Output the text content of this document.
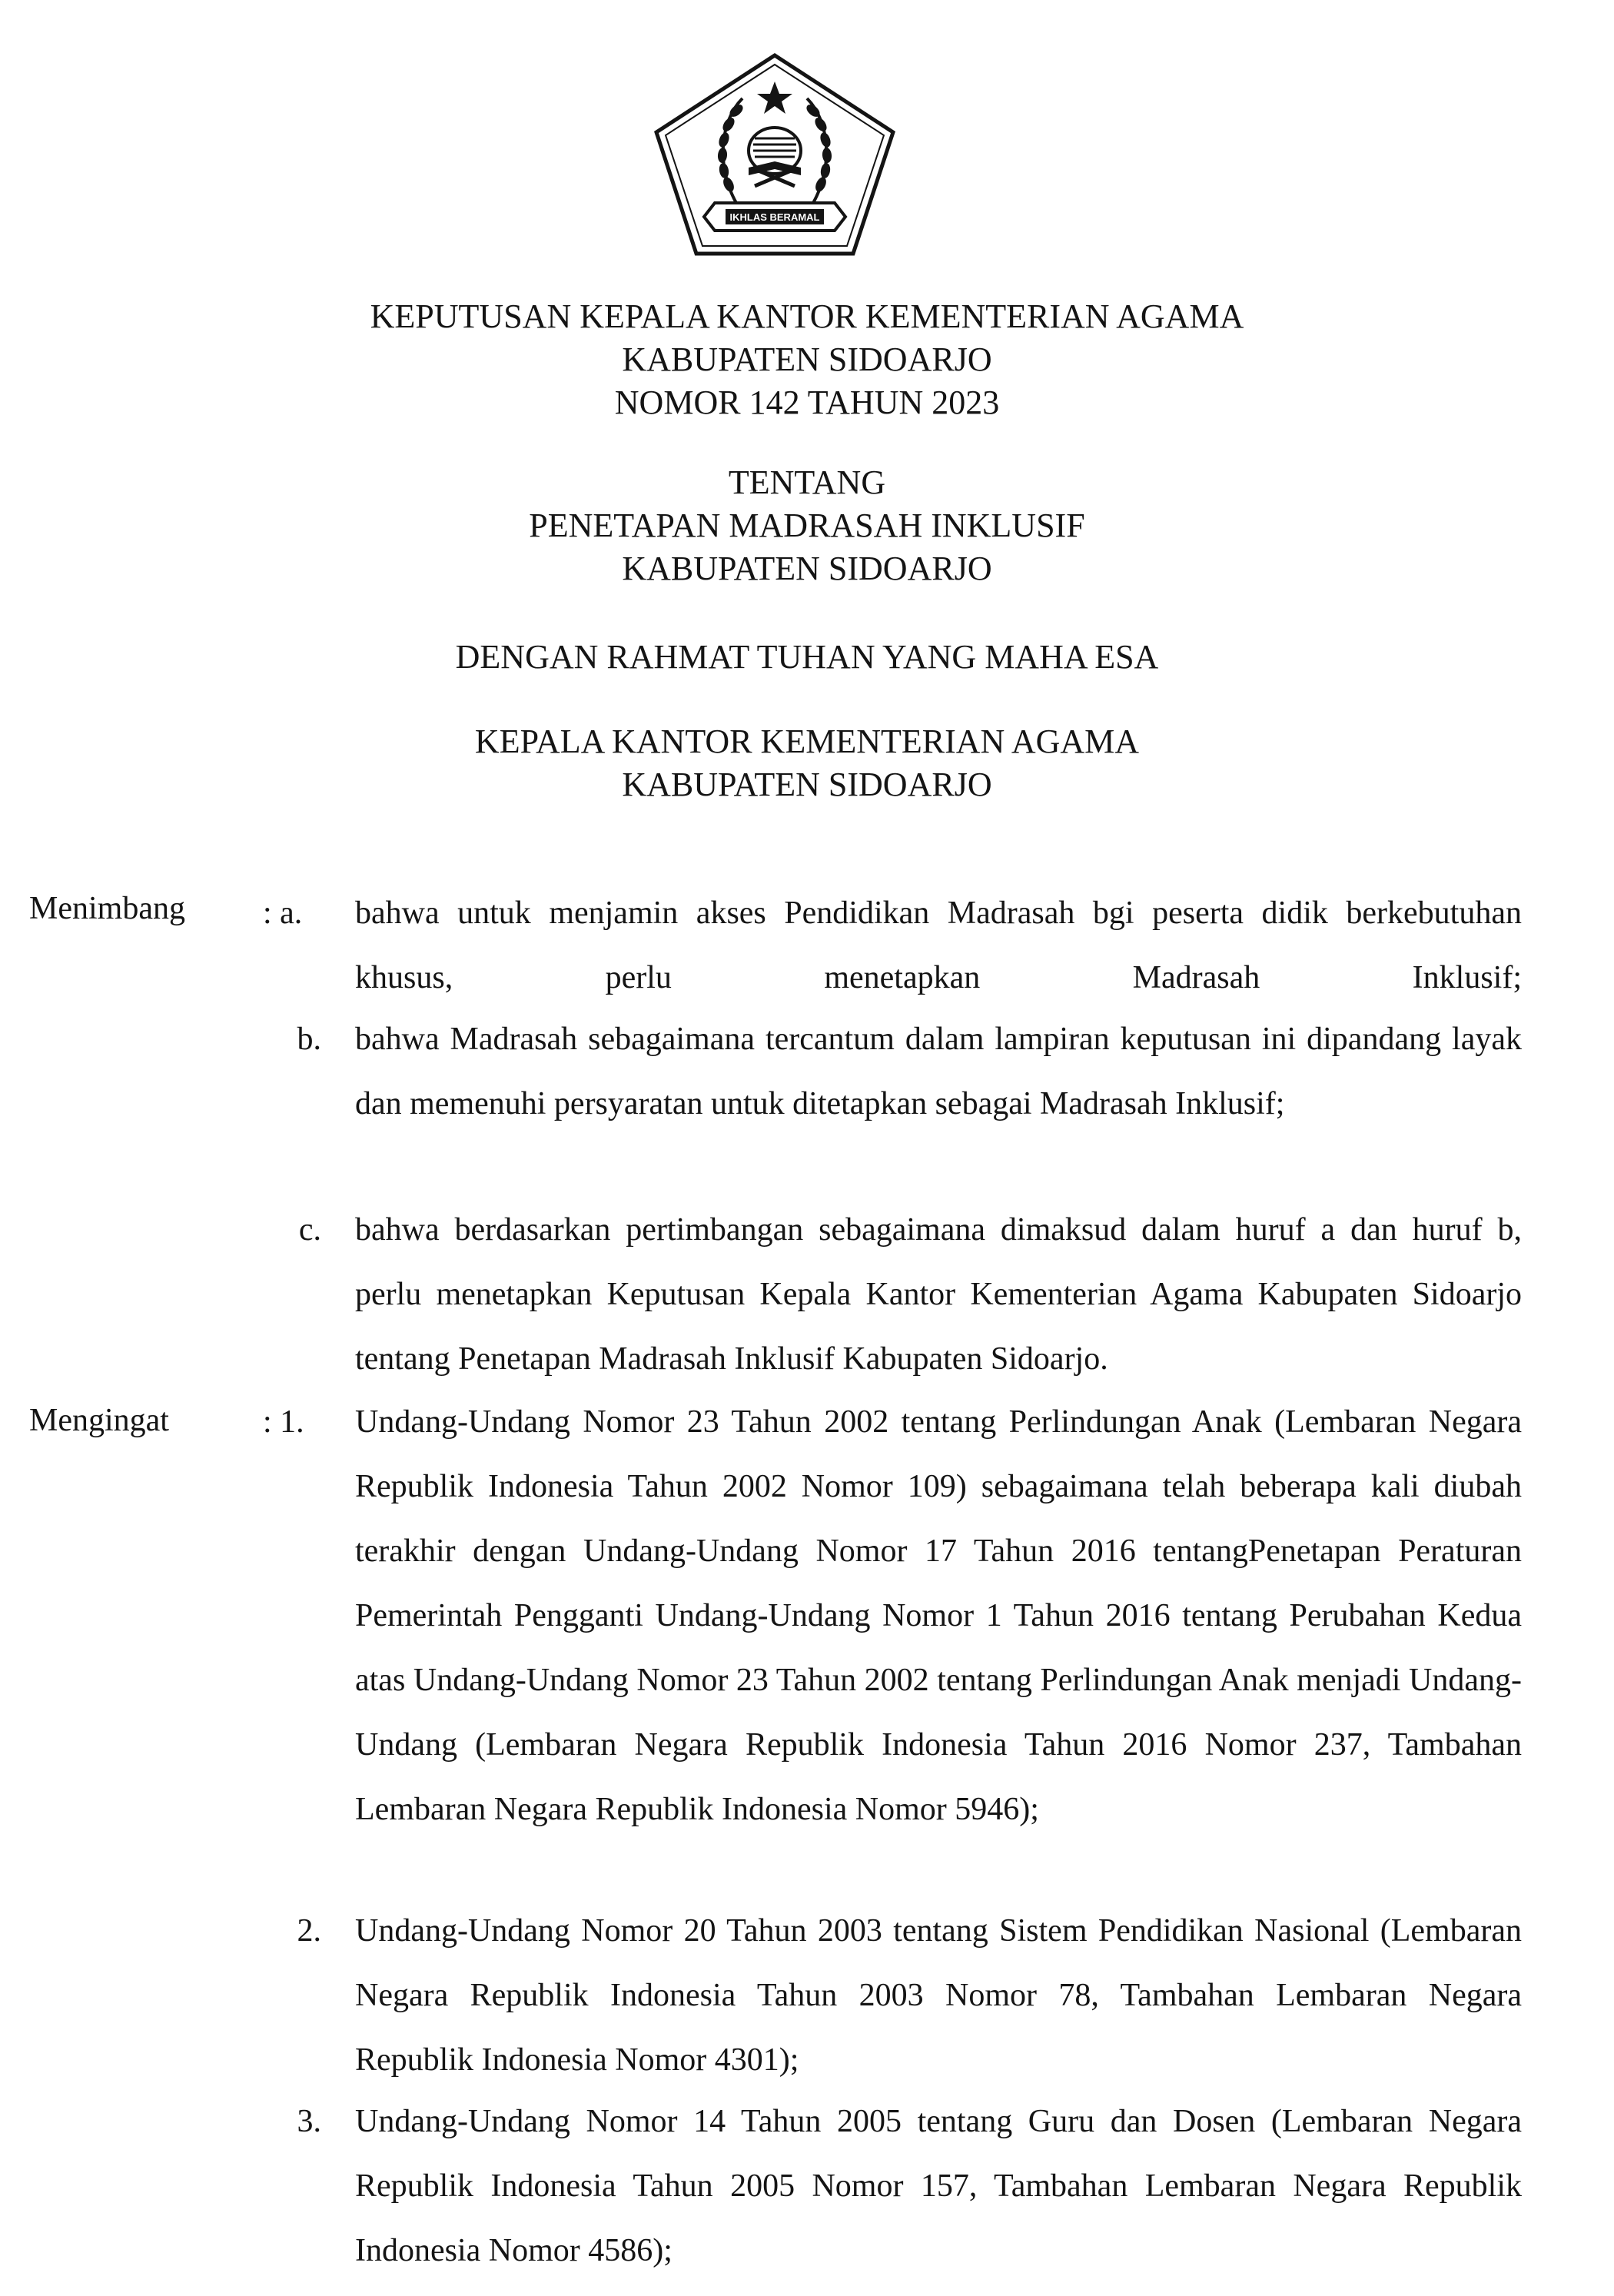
IKHLAS BERAMAL
KEPUTUSAN KEPALA KANTOR KEMENTERIAN AGAMA
KABUPATEN SIDOARJO
NOMOR 142 TAHUN 2023
TENTANG
PENETAPAN MADRASAH INKLUSIF
KABUPATEN SIDOARJO
DENGAN RAHMAT TUHAN YANG MAHA ESA
KEPALA KANTOR KEMENTERIAN AGAMA
KABUPATEN SIDOARJO
Menimbang : a. bahwa untuk menjamin akses Pendidikan Madrasah bgi peserta didik berkebutuhan khusus, perlu menetapkan Madrasah Inklusif;
b. bahwa Madrasah sebagaimana tercantum dalam lampiran keputusan ini dipandang layak dan memenuhi persyaratan untuk ditetapkan sebagai Madrasah Inklusif;
c. bahwa berdasarkan pertimbangan sebagaimana dimaksud dalam huruf a dan huruf b, perlu menetapkan Keputusan Kepala Kantor Kementerian Agama Kabupaten Sidoarjo tentang Penetapan Madrasah Inklusif Kabupaten Sidoarjo.
Mengingat	: 1. Undang-Undang Nomor 23 Tahun 2002 tentang Perlindungan Anak (Lembaran Negara Republik Indonesia Tahun 2002 Nomor 109) sebagaimana telah beberapa kali diubah terakhir dengan Undang-Undang Nomor 17 Tahun 2016 tentangPenetapan Peraturan Pemerintah Pengganti Undang-Undang Nomor 1 Tahun 2016 tentang Perubahan Kedua atas Undang-Undang Nomor 23 Tahun 2002 tentang Perlindungan Anak menjadi Undang-Undang (Lembaran Negara Republik Indonesia Tahun 2016 Nomor 237, Tambahan Lembaran Negara Republik Indonesia Nomor 5946);
2. Undang-Undang Nomor 20 Tahun 2003 tentang Sistem Pendidikan Nasional (Lembaran Negara Republik Indonesia Tahun 2003 Nomor 78, Tambahan Lembaran Negara Republik Indonesia Nomor 4301);
3. Undang-Undang Nomor 14 Tahun 2005 tentang Guru dan Dosen (Lembaran Negara Republik Indonesia Tahun 2005 Nomor 157, Tambahan Lembaran Negara Republik Indonesia Nomor 4586);
